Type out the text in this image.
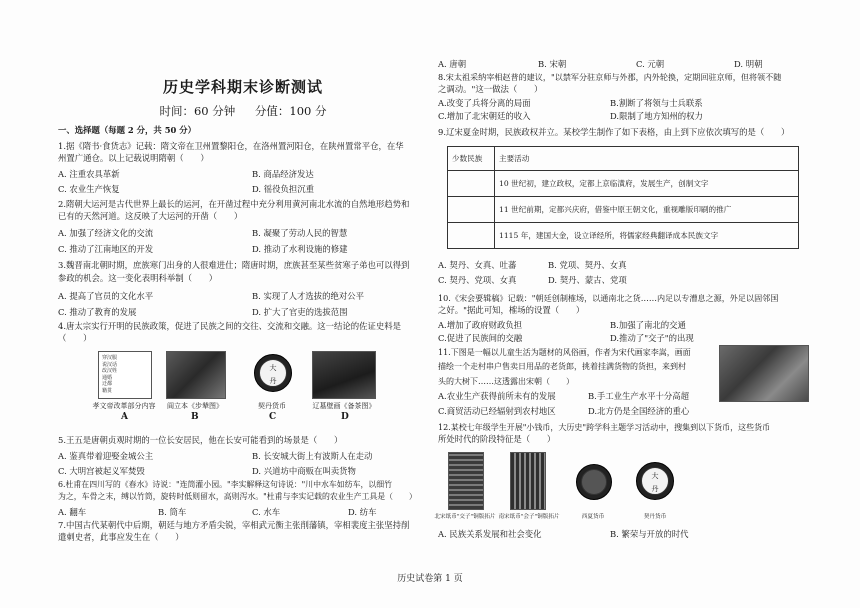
历史学科期末诊断测试
时间：60 分钟 分值：100 分
一、选择题（每题 2 分，共 50 分）
1.据《隋书·食货志》记载：隋文帝在卫州置黎阳仓，在洛州置河阳仓，在陕州置常平仓，在华
州置广通仓。以上记载说明隋朝（　　）
A. 注重农具革新	B. 商品经济发达
C. 农业生产恢复	D. 徭役负担沉重
2.隋朝大运河是古代世界上最长的运河，在开凿过程中充分利用黄河南北水流的自然地形趋势和
已有的天然河道。这反映了大运河的开凿（　　）
A. 加强了经济文化的交流	B. 凝聚了劳动人民的智慧
C. 推动了江南地区的开发	D. 推动了水利设施的修建
3.魏晋南北朝时期，庶族寒门出身的人很难进仕；隋唐时期，庶族甚至某些贫寒子弟也可以得到
参政的机会。这一变化表明科举制（　　）
A. 提高了官员的文化水平	B. 实现了人才选拔的绝对公平
C. 推动了教育的发展	D. 扩大了官吏的选拔范围
4.唐太宗实行开明的民族政策，促进了民族之间的交往、交流和交融。这一结论的佐证史料是
（　　）
穿汉服
说汉话
改汉姓
通婚
迁都
籍贯
大
丹
孝文帝改革部分内容	阎立本《步辇图》	契丹货币	辽墓壁画《备茶图》
A	B	C	D
5.王五是唐朝贞观时期的一位长安居民，他在长安可能看到的场景是（　　）
A. 鉴真带着迎娶金城公主	B. 长安城大街上有波斯人在走动
C. 大明宫被起义军焚毁	D. 兴道坊中商贩在叫卖货物
6.杜甫在四川写的《春水》诗说："连筒灌小园。"李实解释这句诗说："川中水车如纺车，以细竹
为之，车骨之末，缚以竹筒，旋转时低则留水，高则泻水。"杜甫与李实记载的农业生产工具是（　　）
A. 翻车	B. 筒车	C. 水车	D. 纺车
7.中国古代某朝代中后期，朝廷与地方矛盾尖锐，宰相武元衡主张削藩镇，宰相裴度主张坚持削
遣刺史者，此事应发生在（　　）
A. 唐朝	B. 宋朝	C. 元朝	D. 明朝
8.宋太祖采纳宰相赵普的建议，"以禁军分驻京师与外郡，内外轮换，定期回驻京师，但将领不随
之调动。"这一做法（　　）
A.改变了兵将分离的局面	B.割断了将领与士兵联系
C.增加了北宋朝廷的收入	D.限制了地方知州的权力
9.辽宋夏金时期，民族政权并立。某校学生制作了如下表格，由上到下应依次填写的是（　　）
少数民族	主要活动
	10 世纪初，建立政权，定都上京临潢府，发展生产，创制文字
	11 世纪前期，定都兴庆府，借鉴中原王朝文化，重视雕版印刷的推广
	1115 年，建国大金，设立译经所，将儒家经典翻译成本民族文字
A. 契丹、女真、吐蕃	B. 党项、契丹、女真
C. 契丹、党项、女真	D. 契丹、蒙古、党项
10.《宋会要辑稿》记载："朝廷创制榷场，以通南北之货……内足以专漕息之源，外足以固邻国
之好。"据此可知，榷场的设置（　　）
A.增加了政府财政负担	B.加强了南北的交通
C.促进了民族间的交融	D.推动了"交子"的出现
11.下图是一幅以儿童生活为题材的风俗画，作者为宋代画家李嵩，画面
描绘一个走村串户售卖日用品的老货郎，挑着挂满货物的货担，来到村
头的大树下……这透露出宋朝（　　）
A.农业生产获得前所未有的发展	B.手工业生产水平十分高超
C.商贸活动已经辐射到农村地区	D.北方仍是全国经济的重心
12.某校七年级学生开展"小钱币，大历史"跨学科主题学习活动中，搜集到以下货币，这些货币
所处时代的阶段特征是（　　）
大
丹
北宋纸币"交子"铜版拓片 南宋纸币"会子"铜版拓片	西夏货币	契丹货币
A. 民族关系发展和社会变化	B. 繁荣与开放的时代
历史试卷第 1 页
